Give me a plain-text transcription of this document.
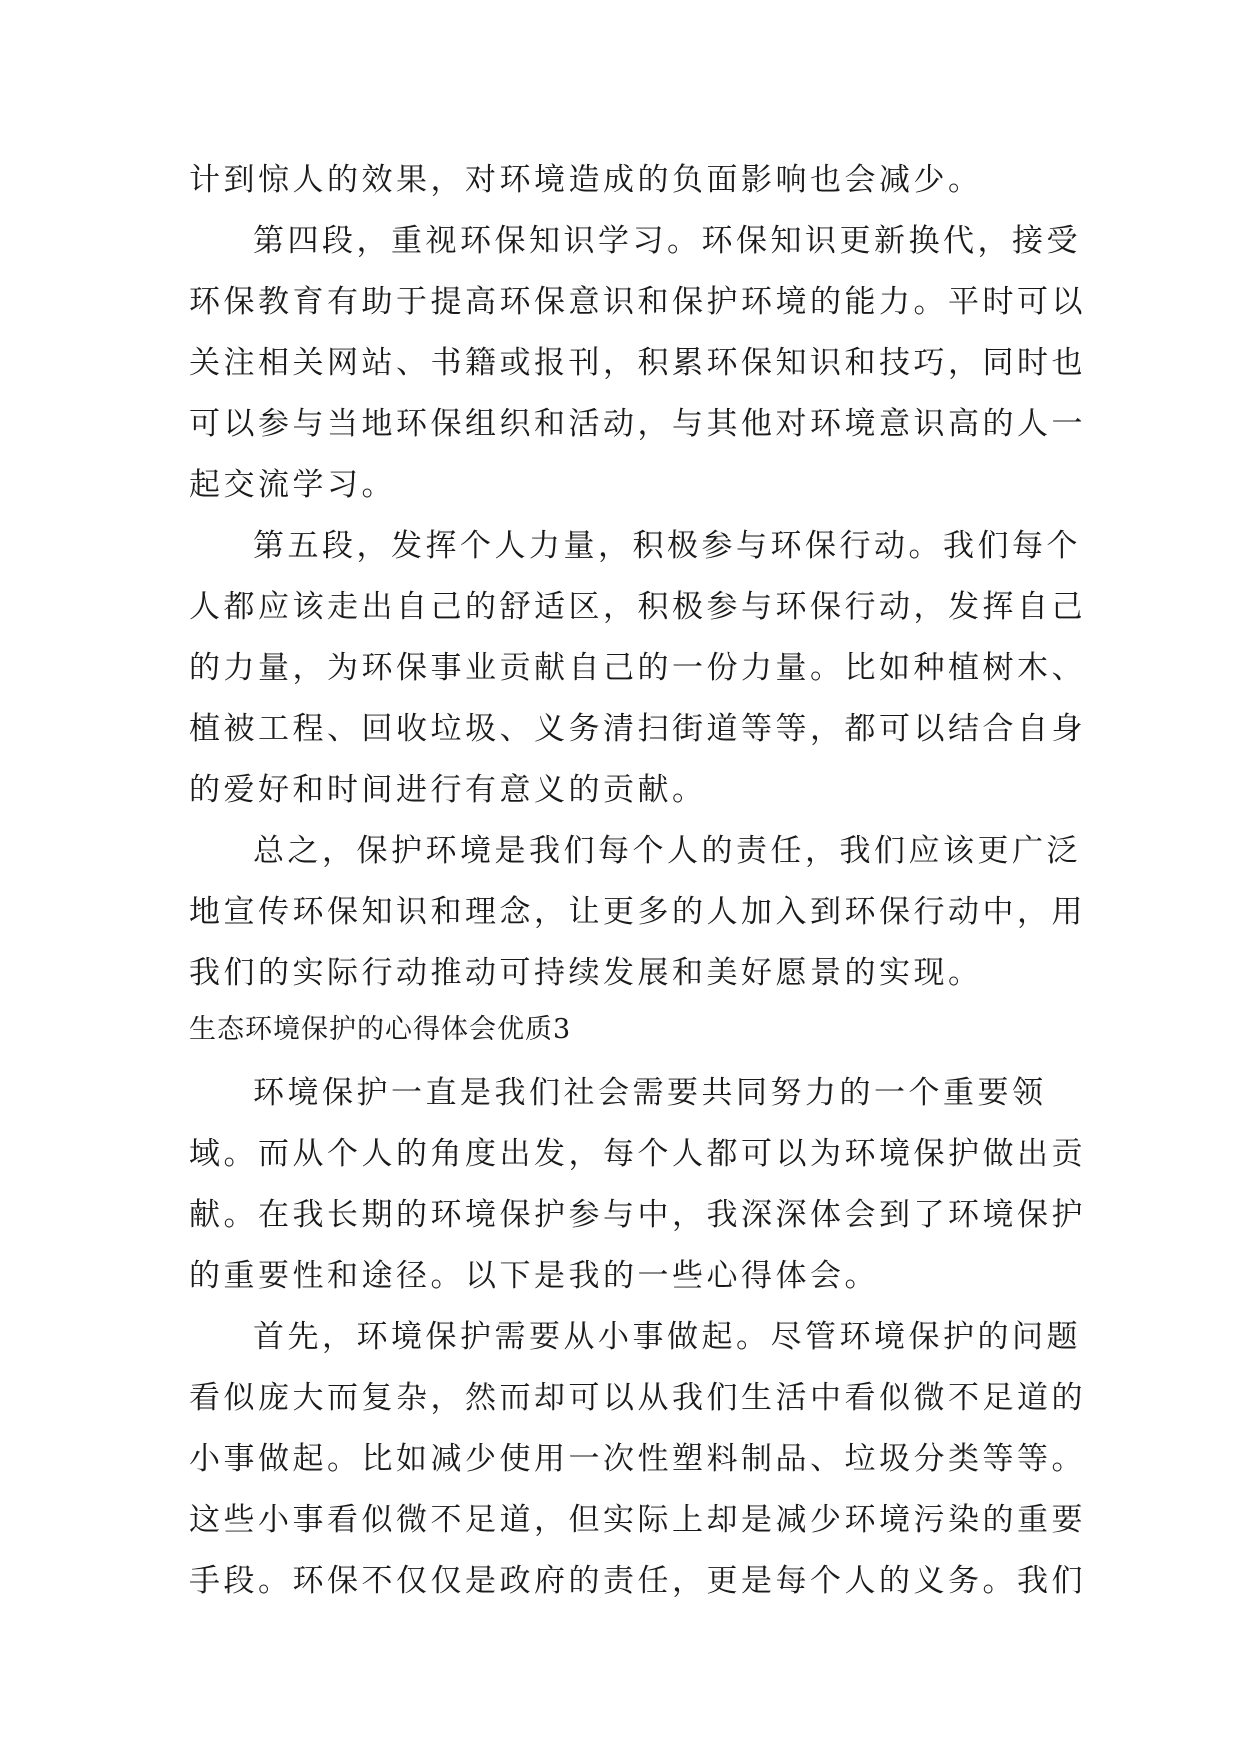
计到惊人的效果，对环境造成的负面影响也会减少。
第四段，重视环保知识学习。环保知识更新换代，接受
环保教育有助于提高环保意识和保护环境的能力。平时可以
关注相关网站、书籍或报刊，积累环保知识和技巧，同时也
可以参与当地环保组织和活动，与其他对环境意识高的人一
起交流学习。
第五段，发挥个人力量，积极参与环保行动。我们每个
人都应该走出自己的舒适区，积极参与环保行动，发挥自己
的力量，为环保事业贡献自己的一份力量。比如种植树木、
植被工程、回收垃圾、义务清扫街道等等，都可以结合自身
的爱好和时间进行有意义的贡献。
总之，保护环境是我们每个人的责任，我们应该更广泛
地宣传环保知识和理念，让更多的人加入到环保行动中，用
我们的实际行动推动可持续发展和美好愿景的实现。
生态环境保护的心得体会优质3
环境保护一直是我们社会需要共同努力的一个重要领
域。而从个人的角度出发，每个人都可以为环境保护做出贡
献。在我长期的环境保护参与中，我深深体会到了环境保护
的重要性和途径。以下是我的一些心得体会。
首先，环境保护需要从小事做起。尽管环境保护的问题
看似庞大而复杂，然而却可以从我们生活中看似微不足道的
小事做起。比如减少使用一次性塑料制品、垃圾分类等等。
这些小事看似微不足道，但实际上却是减少环境污染的重要
手段。环保不仅仅是政府的责任，更是每个人的义务。我们
